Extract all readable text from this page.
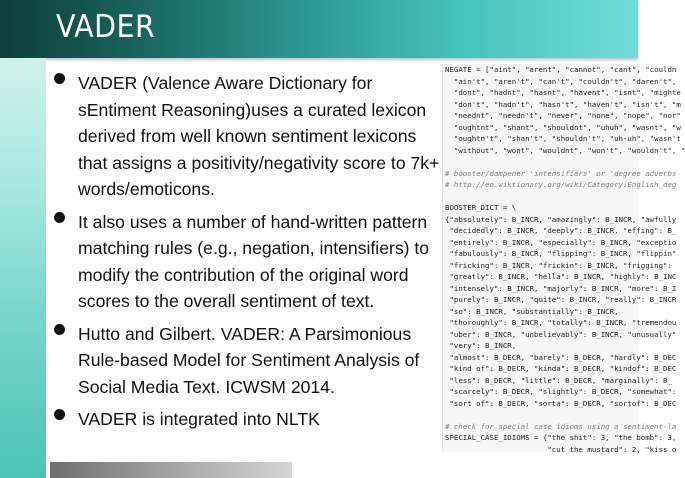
VADER
VADER (Valence Aware Dictionary for sEntiment Reasoning)uses a curated lexicon derived from well known sentiment lexicons that assigns a positivity/negativity score to 7k+ words/emoticons.
It also uses a number of hand-written pattern matching rules (e.g., negation, intensifiers) to modify the contribution of the original word scores to the overall sentiment of text.
Hutto and Gilbert. VADER: A Parsimonious Rule-based Model for Sentiment Analysis of Social Media Text. ICWSM 2014.
VADER is integrated into NLTK
NEGATE = ["aint", "arent", "cannot", "cant", "couldn
"ain't", "aren't", "can't", "couldn't", "daren't",
"dont", "hadnt", "hasnt", "havent", "isnt", "mighte
"don't", "hadn't", "hasn't", "haven't", "isn't", "m
"neednt", "needn't", "never", "none", "nope", "nor"
"oughtnt", "shant", "shouldnt", "uhuh", "wasnt", "w
"oughtn't", "shan't", "shouldn't", "uh-uh", "wasn't
"without", "wont", "wouldnt", "won't", "wouldn't", "
# booster/dampener 'intensifiers' or 'degree adverbs
# http://en.wiktionary.org/wiki/Category:English_deg
BOOSTER_DICT = \
{"absolutely": B_INCR, "amazingly": B_INCR, "awfully
"decidedly": B_INCR, "deeply": B_INCR, "effing": B_
"entirely": B_INCR, "especially": B_INCR, "exceptio
"fabulously": B_INCR, "flipping": B_INCR, "flippin"
"fricking": B_INCR, "frickin": B_INCR, "frigging":
"greatly": B_INCR, "hella": B_INCR, "highly": B_INC
"intensely": B_INCR, "majorly": B_INCR, "more": B_I
"purely": B_INCR, "quite": B_INCR, "really": B_INCR
"so": B_INCR, "substantially": B_INCR,
"thoroughly": B_INCR, "totally": B_INCR, "tremendou
"uber": B_INCR, "unbelievably": B_INCR, "unusually"
"very": B_INCR,
"almost": B_DECR, "barely": B_DECR, "hardly": B_DEC
"kind of": B_DECR, "kinda": B_DECR, "kindof": B_DEC
"less": B_DECR, "little": B_DECR, "marginally": B_
"scarcely": B_DECR, "slightly": B_DECR, "somewhat":
"sort of": B_DECR, "sorta": B_DECR, "sortof": B_DEC
# check for special case idioms using a sentiment-la
SPECIAL_CASE_IDIOMS = {"the shit": 3, "the bomb": 3,
"cut the mustard": 2, "kiss o
